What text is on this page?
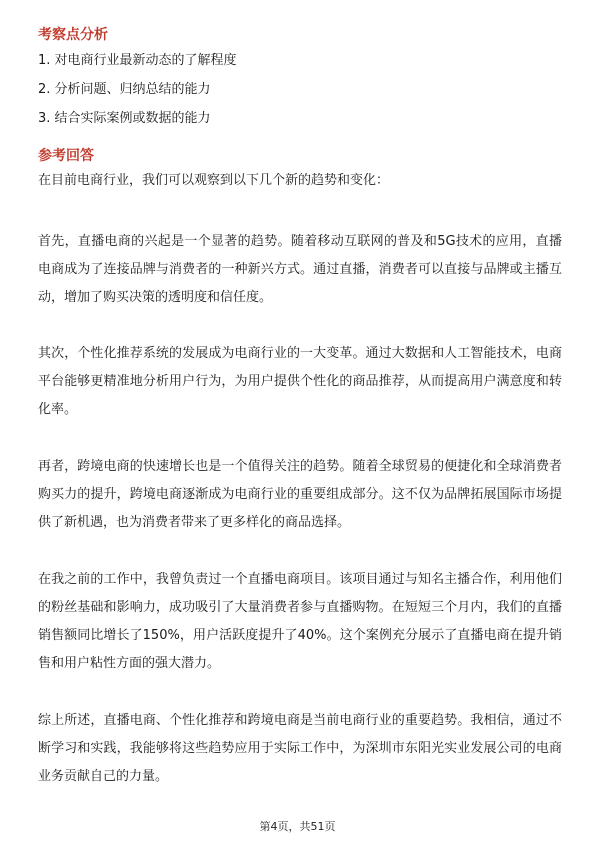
考察点分析
1. 对电商行业最新动态的了解程度
2. 分析问题、归纳总结的能力
3. 结合实际案例或数据的能力
参考回答
在目前电商行业，我们可以观察到以下几个新的趋势和变化：
首先，直播电商的兴起是一个显著的趋势。随着移动互联网的普及和5G技术的应用，直播电商成为了连接品牌与消费者的一种新兴方式。通过直播，消费者可以直接与品牌或主播互动，增加了购买决策的透明度和信任度。
其次，个性化推荐系统的发展成为电商行业的一大变革。通过大数据和人工智能技术，电商平台能够更精准地分析用户行为，为用户提供个性化的商品推荐，从而提高用户满意度和转化率。
再者，跨境电商的快速增长也是一个值得关注的趋势。随着全球贸易的便捷化和全球消费者购买力的提升，跨境电商逐渐成为电商行业的重要组成部分。这不仅为品牌拓展国际市场提供了新机遇，也为消费者带来了更多样化的商品选择。
在我之前的工作中，我曾负责过一个直播电商项目。该项目通过与知名主播合作，利用他们的粉丝基础和影响力，成功吸引了大量消费者参与直播购物。在短短三个月内，我们的直播销售额同比增长了150%，用户活跃度提升了40%。这个案例充分展示了直播电商在提升销售和用户粘性方面的强大潜力。
综上所述，直播电商、个性化推荐和跨境电商是当前电商行业的重要趋势。我相信，通过不断学习和实践，我能够将这些趋势应用于实际工作中，为深圳市东阳光实业发展公司的电商业务贡献自己的力量。
第4页，共51页
